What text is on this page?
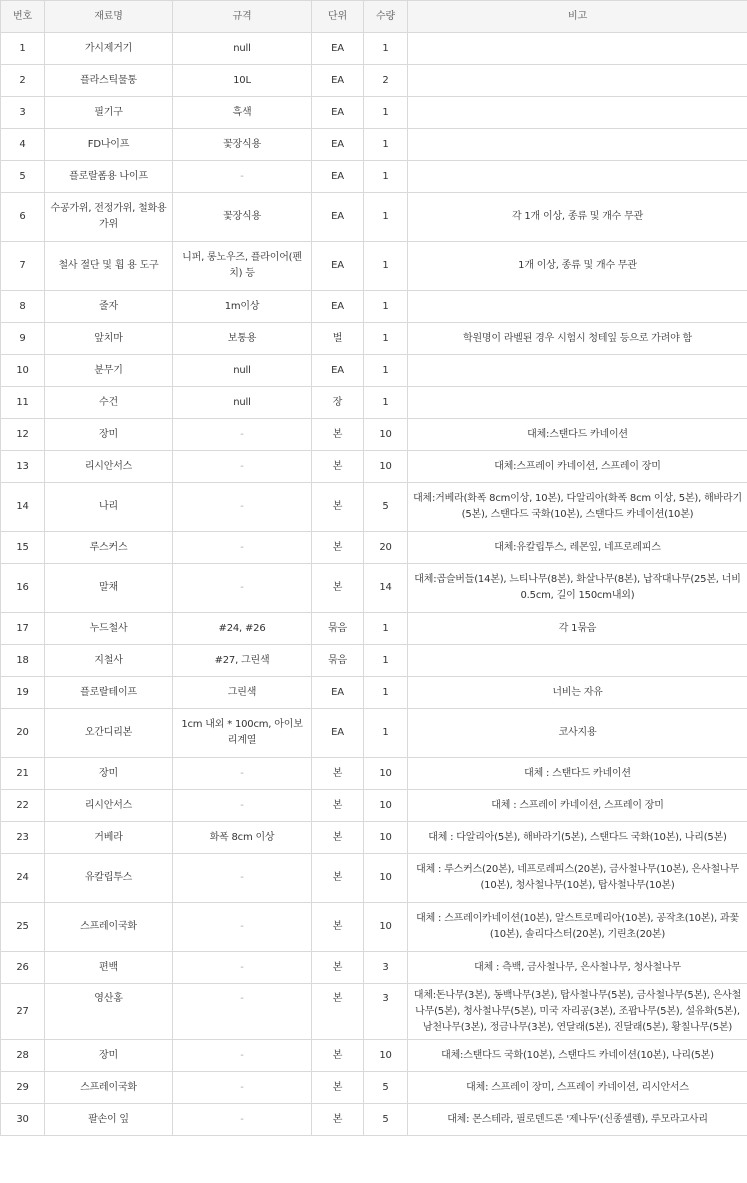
번호	재료명	규격	단위	수량	비고
1	가시제거기	null	EA	1	
2	플라스틱물통	10L	EA	2	
3	필기구	흑색	EA	1	
4	FD나이프	꽃장식용	EA	1	
5	플로랄폼용 나이프	-	EA	1	
6	수공가위, 전정가위, 철화용가위	꽃장식용	EA	1	각 1개 이상, 종류 및 개수 무관
7	철사 절단 및 휨 용 도구	니퍼, 롱노우즈, 플라이어(펜치) 등	EA	1	1개 이상, 종류 및 개수 무관
8	줄자	1m이상	EA	1	
9	앞치마	보통용	벌	1	학원명이 라벨된 경우 시험시 청테잎 등으로 가려야 함
10	분무기	null	EA	1	
11	수건	null	장	1	
12	장미	-	본	10	대체:스탠다드 카네이션
13	리시안서스	-	본	10	대체:스프레이 카네이션, 스프레이 장미
14	나리	-	본	5	대체:거베라(화폭 8cm이상, 10본), 다알리아(화폭 8cm 이상, 5본), 해바라기(5본), 스탠다드 국화(10본), 스탠다드 카네이션(10본)
15	루스커스	-	본	20	대체:유칼립투스, 레몬잎, 네프로레피스
16	말채	-	본	14	대체:곱슬버들(14본), 느티나무(8본), 화살나무(8본), 납작대나무(25본, 너비 0.5cm, 길이 150cm내외)
17	누드철사	#24, #26	묶음	1	각 1묶음
18	지철사	#27, 그린색	묶음	1	
19	플로랄테이프	그린색	EA	1	너비는 자유
20	오간디리본	1cm 내외 * 100cm, 아이보리계열	EA	1	코사지용
21	장미	-	본	10	대체 : 스탠다드 카네이션
22	리시안서스	-	본	10	대체 : 스프레이 카네이션, 스프레이 장미
23	거베라	화폭 8cm 이상	본	10	대체 : 다알리아(5본), 해바라기(5본), 스탠다드 국화(10본), 나리(5본)
24	유칼립투스	-	본	10	대체 : 루스커스(20본), 네프로레피스(20본), 금사철나무(10본), 은사철나무(10본), 청사철나무(10본), 탑사철나무(10본)
25	스프레이국화	-	본	10	대체 : 스프레이카네이션(10본), 알스트로메리아(10본), 공작초(10본), 과꽃(10본), 솔리다스터(20본), 기린초(20본)
26	편백	-	본	3	대체 : 측백, 금사철나무, 은사철나무, 청사철나무
27	영산홍	-	본	3	대체:돈나무(3본), 동백나무(3본), 탑사철나무(5본), 금사철나무(5본), 은사철나무(5본), 청사철나무(5본), 미국 자리공(3본), 조팝나무(5본), 설유화(5본), 남천나무(3본), 정금나무(3본), 연달래(5본), 진달래(5본), 황칠나무(5본)
28	장미	-	본	10	대체:스탠다드 국화(10본), 스탠다드 카네이션(10본), 나리(5본)
29	스프레이국화	-	본	5	대체: 스프레이 장미, 스프레이 카네이션, 리시안서스
30	팔손이 잎	-	본	5	대체: 몬스테라, 필로덴드론 '제나두'(신종셀렘), 루모라고사리
